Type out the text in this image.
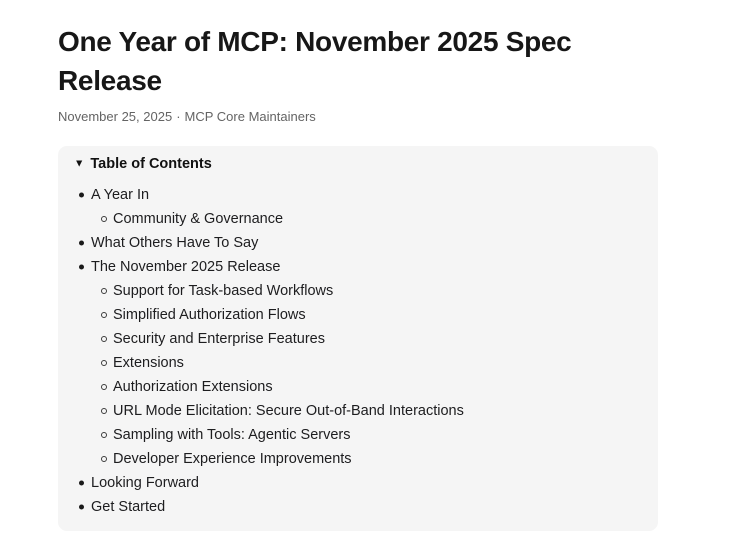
One Year of MCP: November 2025 Spec Release
November 25, 2025 · MCP Core Maintainers
▼ Table of Contents
A Year In
Community & Governance
What Others Have To Say
The November 2025 Release
Support for Task-based Workflows
Simplified Authorization Flows
Security and Enterprise Features
Extensions
Authorization Extensions
URL Mode Elicitation: Secure Out-of-Band Interactions
Sampling with Tools: Agentic Servers
Developer Experience Improvements
Looking Forward
Get Started
